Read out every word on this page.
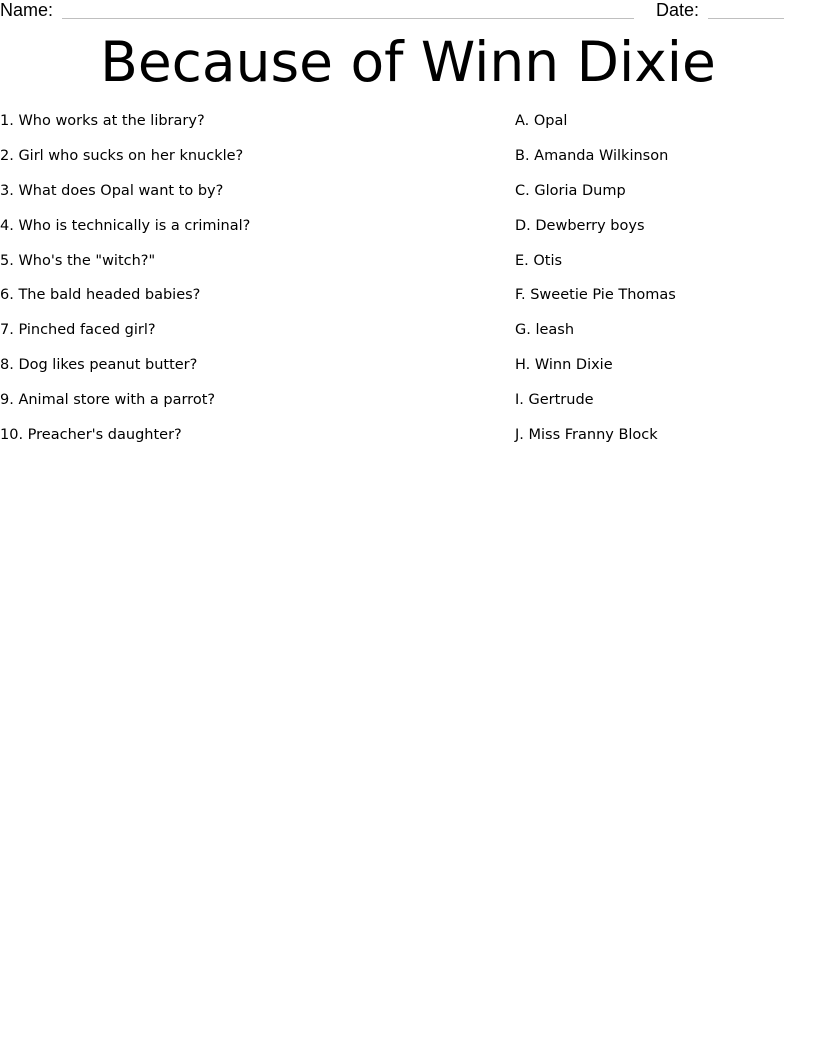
Name:	Date:
Because of Winn Dixie
1. Who works at the library?
2. Girl who sucks on her knuckle?
3. What does Opal want to by?
4. Who is technically is a criminal?
5. Who's the "witch?"
6. The bald headed babies?
7. Pinched faced girl?
8. Dog likes peanut butter?
9. Animal store with a parrot?
10. Preacher's daughter?
A. Opal
B. Amanda Wilkinson
C. Gloria Dump
D. Dewberry boys
E. Otis
F. Sweetie Pie Thomas
G. leash
H. Winn Dixie
I. Gertrude
J. Miss Franny Block
